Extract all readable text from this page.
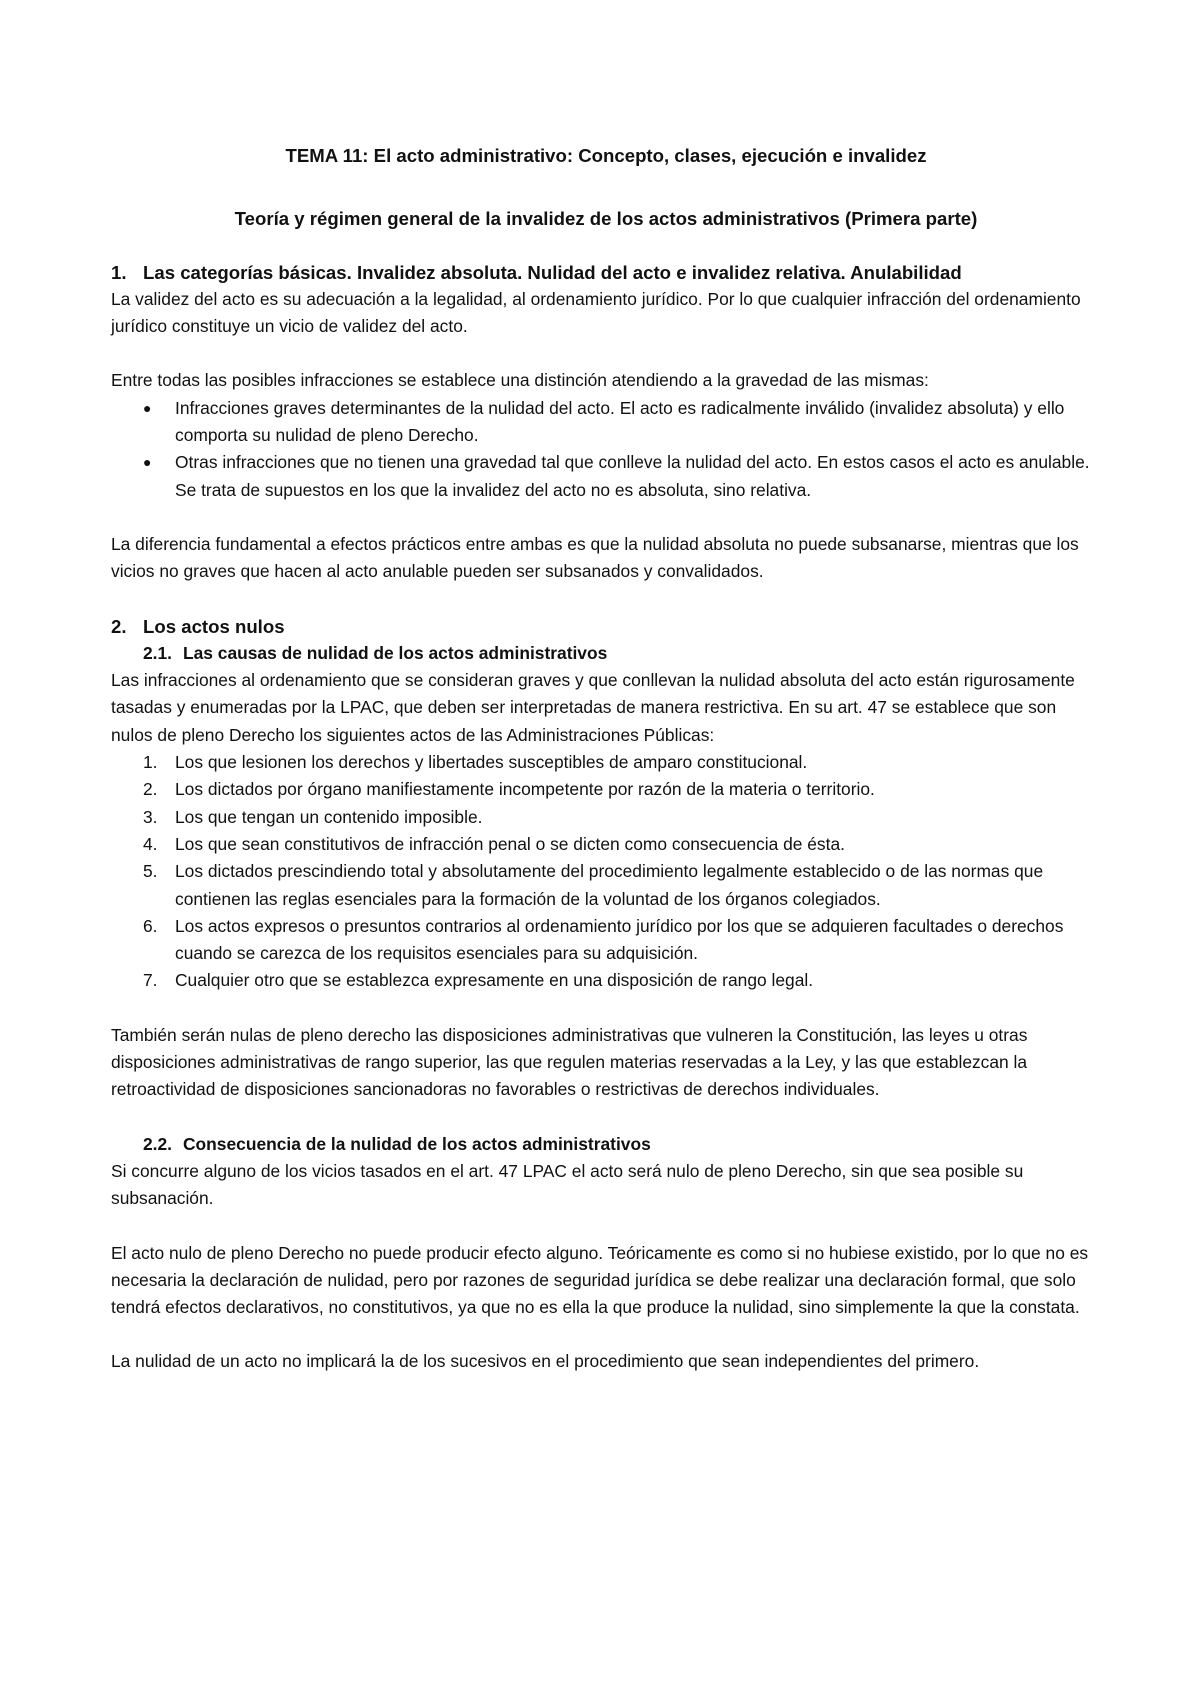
TEMA 11: El acto administrativo: Concepto, clases, ejecución e invalidez
Teoría y régimen general de la invalidez de los actos administrativos (Primera parte)
1. Las categorías básicas. Invalidez absoluta. Nulidad del acto e invalidez relativa. Anulabilidad

La validez del acto es su adecuación a la legalidad, al ordenamiento jurídico. Por lo que cualquier infracción del ordenamiento jurídico constituye un vicio de validez del acto.

Entre todas las posibles infracciones se establece una distinción atendiendo a la gravedad de las mismas:

●	Infracciones graves determinantes de la nulidad del acto. El acto es radicalmente inválido (invalidez absoluta) y ello comporta su nulidad de pleno Derecho.
●	Otras infracciones que no tienen una gravedad tal que conlleve la nulidad del acto. En estos casos el acto es anulable. Se trata de supuestos en los que la invalidez del acto no es absoluta, sino relativa.

La diferencia fundamental a efectos prácticos entre ambas es que la nulidad absoluta no puede subsanarse, mientras que los vicios no graves que hacen al acto anulable pueden ser subsanados y convalidados.

2. Los actos nulos
2.1. Las causas de nulidad de los actos administrativos

Las infracciones al ordenamiento que se consideran graves y que conllevan la nulidad absoluta del acto están rigurosamente tasadas y enumeradas por la LPAC, que deben ser interpretadas de manera restrictiva. En su art. 47 se establece que son nulos de pleno Derecho los siguientes actos de las Administraciones Públicas:

1.	Los que lesionen los derechos y libertades susceptibles de amparo constitucional.
2.	Los dictados por órgano manifiestamente incompetente por razón de la materia o territorio.
3.	Los que tengan un contenido imposible.
4.	Los que sean constitutivos de infracción penal o se dicten como consecuencia de ésta.
5.	Los dictados prescindiendo total y absolutamente del procedimiento legalmente establecido o de las normas que contienen las reglas esenciales para la formación de la voluntad de los órganos colegiados.
6.	Los actos expresos o presuntos contrarios al ordenamiento jurídico por los que se adquieren facultades o derechos cuando se carezca de los requisitos esenciales para su adquisición.
7.	Cualquier otro que se establezca expresamente en una disposición de rango legal.

También serán nulas de pleno derecho las disposiciones administrativas que vulneren la Constitución, las leyes u otras disposiciones administrativas de rango superior, las que regulen materias reservadas a la Ley, y las que establezcan la retroactividad de disposiciones sancionadoras no favorables o restrictivas de derechos individuales.

2.2. Consecuencia de la nulidad de los actos administrativos

Si concurre alguno de los vicios tasados en el art. 47 LPAC el acto será nulo de pleno Derecho, sin que sea posible su subsanación.

El acto nulo de pleno Derecho no puede producir efecto alguno. Teóricamente es como si no hubiese existido, por lo que no es necesaria la declaración de nulidad, pero por razones de seguridad jurídica se debe realizar una declaración formal, que solo tendrá efectos declarativos, no constitutivos, ya que no es ella la que produce la nulidad, sino simplemente la que la constata.

La nulidad de un acto no implicará la de los sucesivos en el procedimiento que sean independientes del primero.
